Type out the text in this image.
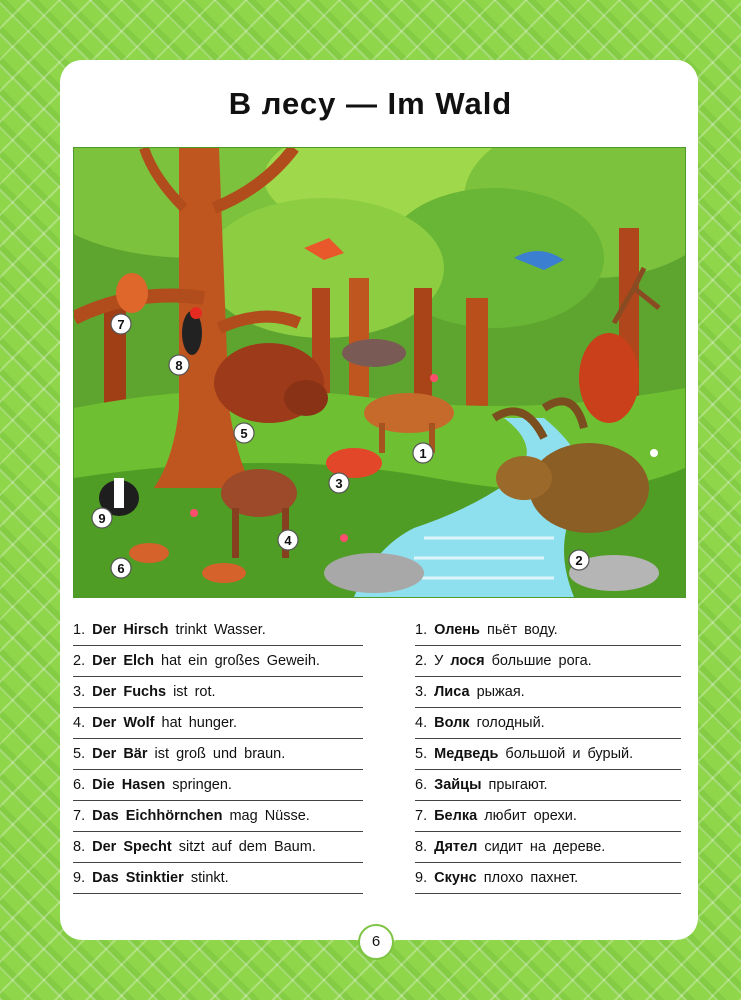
В лесу — Im Wald
1
2
3
4
5
6
7
8
9
1. Der Hirsch trinkt Wasser.
2. Der Elch hat ein großes Geweih.
3. Der Fuchs ist rot.
4. Der Wolf hat hunger.
5. Der Bär ist groß und braun.
6. Die Hasen springen.
7. Das Eichhörnchen mag Nüsse.
8. Der Specht sitzt auf dem Baum.
9. Das Stinktier stinkt.
1. Олень пьёт воду.
2. У лося большие рога.
3. Лиса рыжая.
4. Волк голодный.
5. Медведь большой и бурый.
6. Зайцы прыгают.
7. Белка любит орехи.
8. Дятел сидит на дереве.
9. Скунс плохо пахнет.
6
